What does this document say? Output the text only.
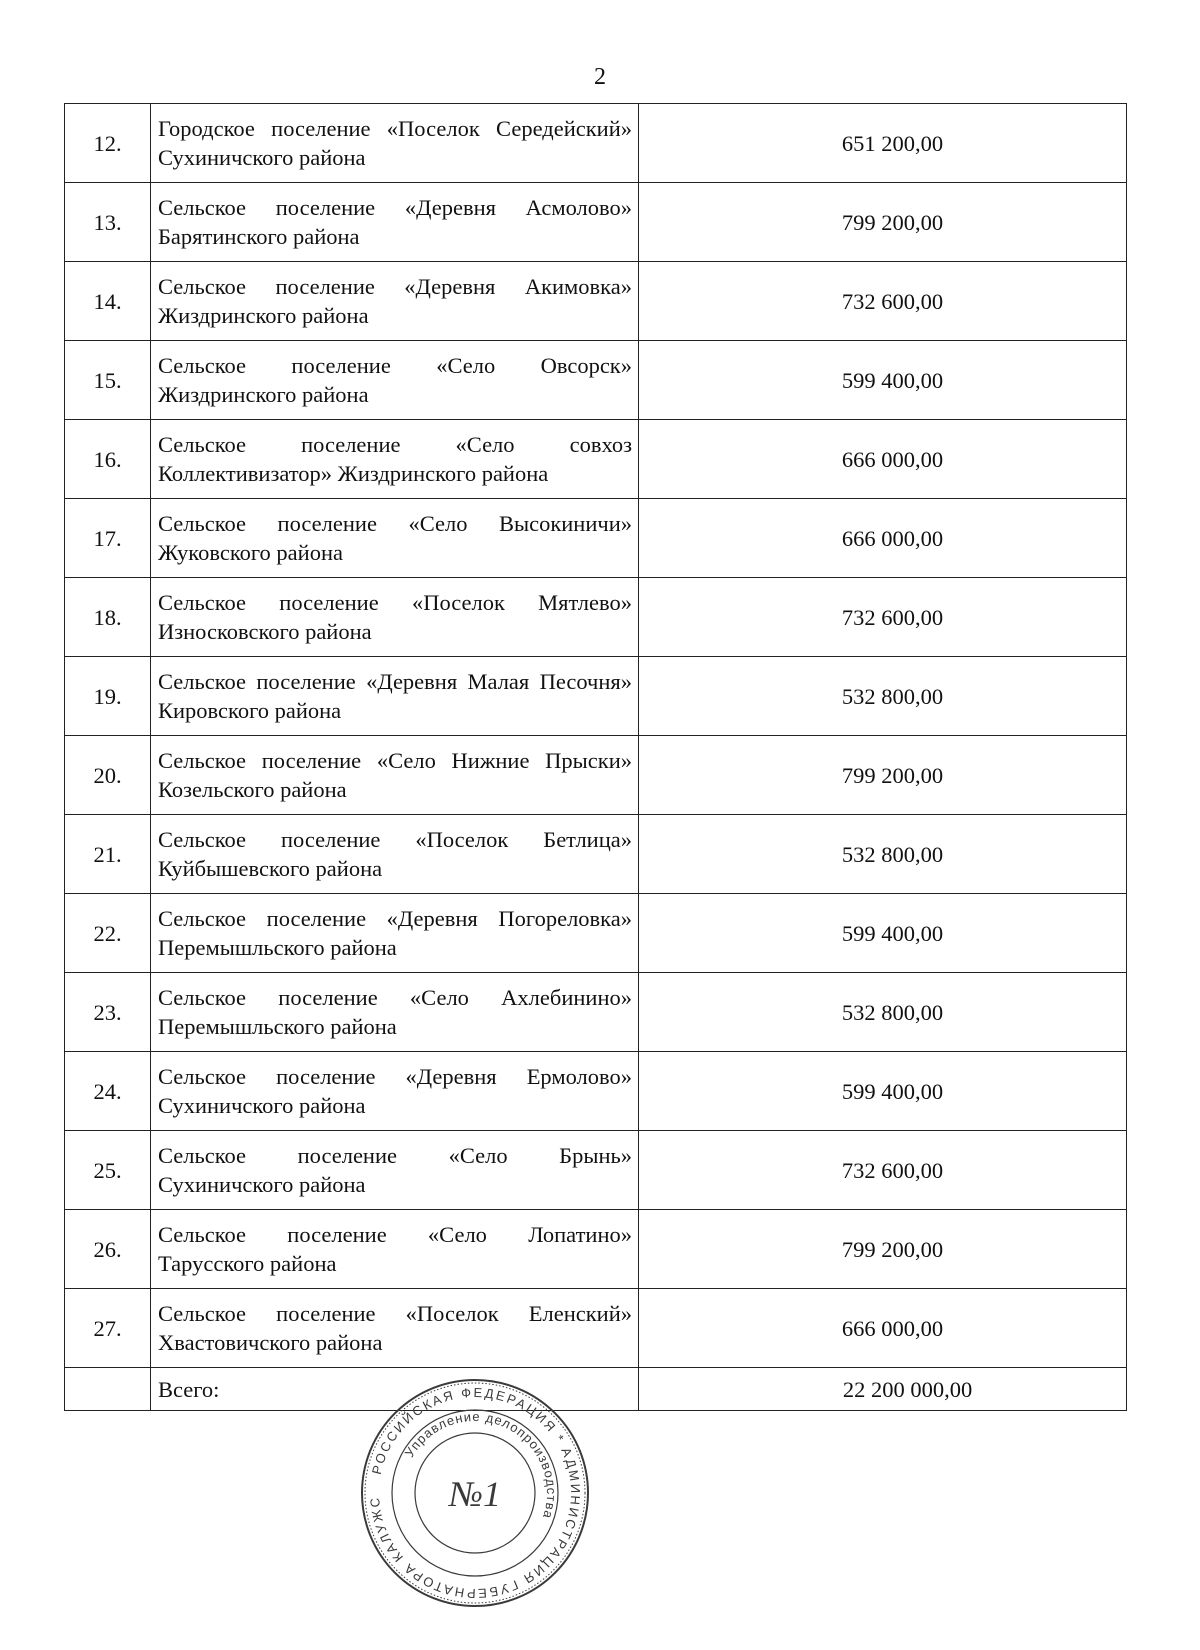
2
12.	Городское поселение «Поселок Середейский» Сухиничского района	651 200,00
13.	Сельское поселение «Деревня Асмолово» Барятинского района	799 200,00
14.	Сельское поселение «Деревня Акимовка» Жиздринского района	732 600,00
15.	Сельское поселение «Село Овсорск» Жиздринского района	599 400,00
16.	Сельское поселение «Село совхоз Коллективизатор» Жиздринского района	666 000,00
17.	Сельское поселение «Село Высокиничи» Жуковского района	666 000,00
18.	Сельское поселение «Поселок Мятлево» Износковского района	732 600,00
19.	Сельское поселение «Деревня Малая Песочня» Кировского района	532 800,00
20.	Сельское поселение «Село Нижние Прыски» Козельского района	799 200,00
21.	Сельское поселение «Поселок Бетлица» Куйбышевского района	532 800,00
22.	Сельское поселение «Деревня Погореловка» Перемышльского района	599 400,00
23.	Сельское поселение «Село Ахлебинино» Перемышльского района	532 800,00
24.	Сельское поселение «Деревня Ермолово» Сухиничского района	599 400,00
25.	Сельское поселение «Село Брынь» Сухиничского района	732 600,00
26.	Сельское поселение «Село Лопатино» Тарусского района	799 200,00
27.	Сельское поселение «Поселок Еленский» Хвастовичского района	666 000,00
	Всего:	22 200 000,00
РОССИЙСКАЯ ФЕДЕРАЦИЯ * АДМИНИСТРАЦИЯ ГУБЕРНАТОРА КАЛУЖС
Управление делопроизводства
№1
